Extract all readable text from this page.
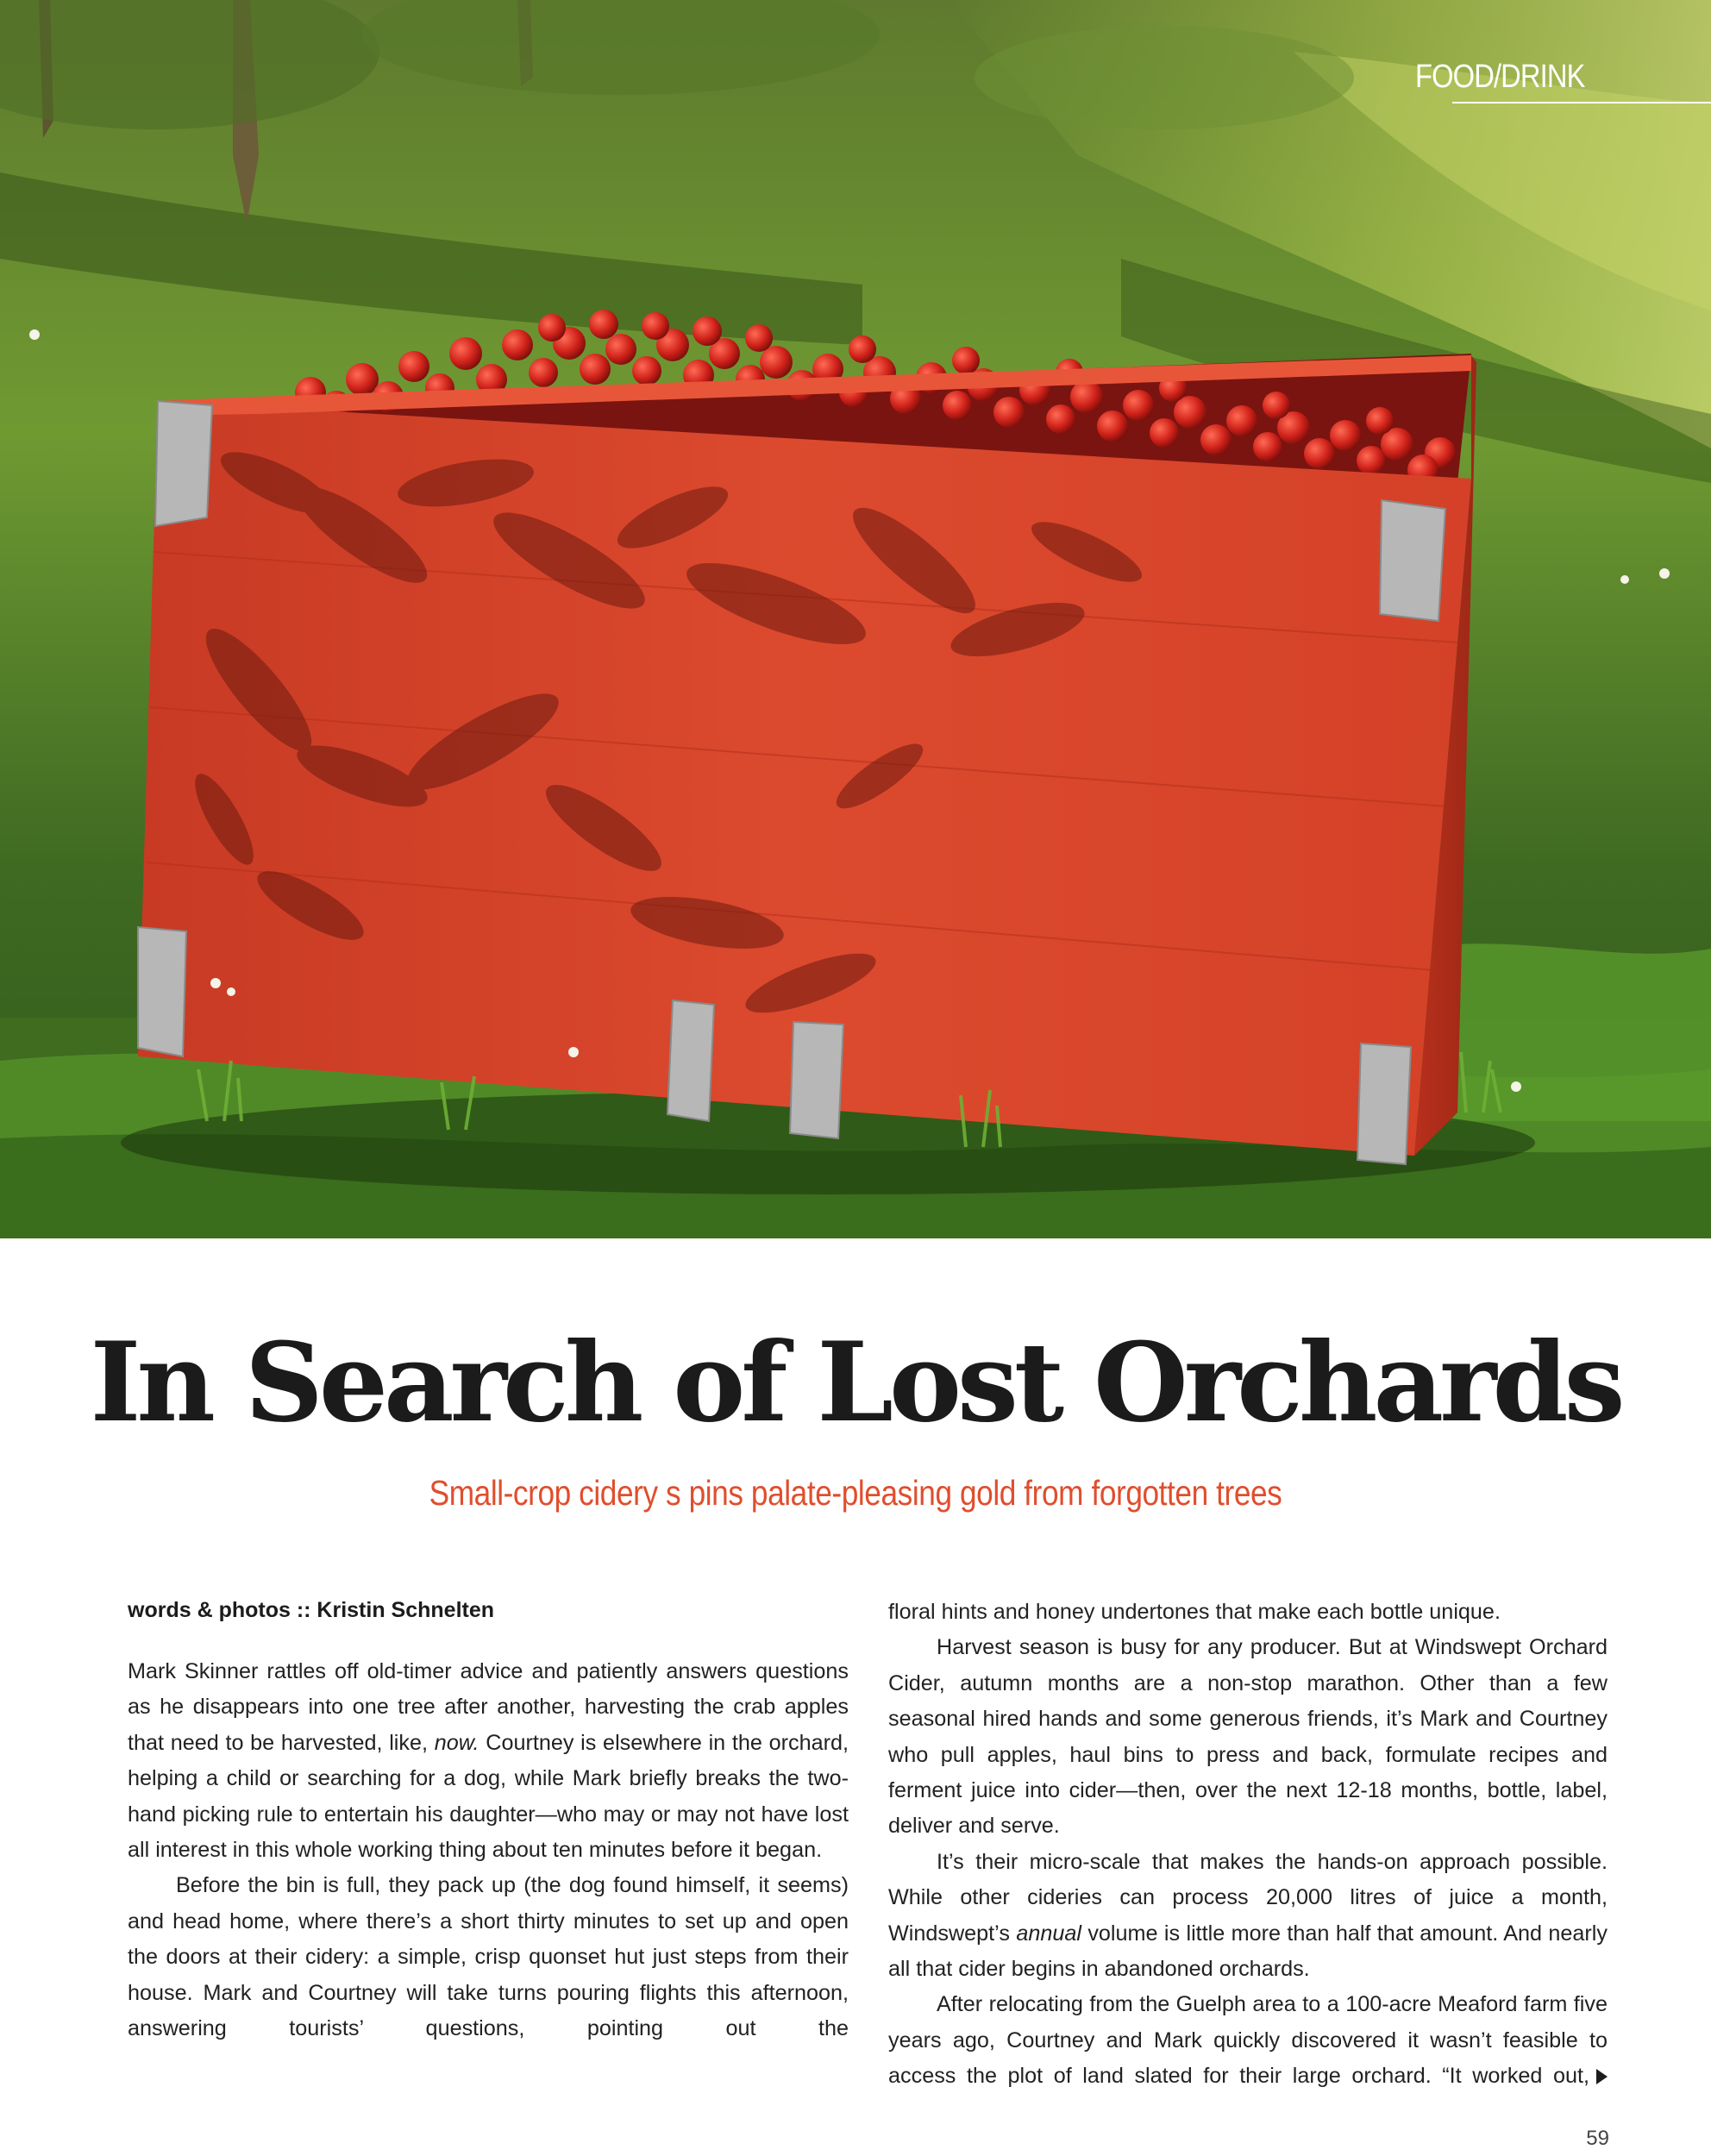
FOOD/DRINK
In Search of Lost Orchards
Small-crop cidery s pins palate-pleasing gold from forgotten trees
words & photos :: Kristin Schnelten

Mark Skinner rattles off old-timer advice and patiently answers questions as he disappears into one tree after another, harvesting the crab apples that need to be harvested, like, now. Courtney is elsewhere in the orchard, helping a child or searching for a dog, while Mark briefly breaks the two-hand picking rule to entertain his daughter—who may or may not have lost all interest in this whole working thing about ten minutes before it began.

Before the bin is full, they pack up (the dog found himself, it seems) and head home, where there’s a short thirty minutes to set up and open the doors at their cidery: a simple, crisp quonset hut just steps from their house. Mark and Courtney will take turns pouring flights this afternoon, answering tourists’ questions, pointing out the

floral hints and honey undertones that make each bottle unique.

Harvest season is busy for any producer. But at Windswept Orchard Cider, autumn months are a non-stop marathon. Other than a few seasonal hired hands and some generous friends, it’s Mark and Courtney who pull apples, haul bins to press and back, formulate recipes and ferment juice into cider—then, over the next 12-18 months, bottle, label, deliver and serve.

It’s their micro-scale that makes the hands-on approach possible. While other cideries can process 20,000 litres of juice a month, Windswept’s annual volume is little more than half that amount. And nearly all that cider begins in abandoned orchards.

After relocating from the Guelph area to a 100-acre Meaford farm five years ago, Courtney and Mark quickly discovered it wasn’t feasible to access the plot of land slated for their large orchard. “It worked out,

59
